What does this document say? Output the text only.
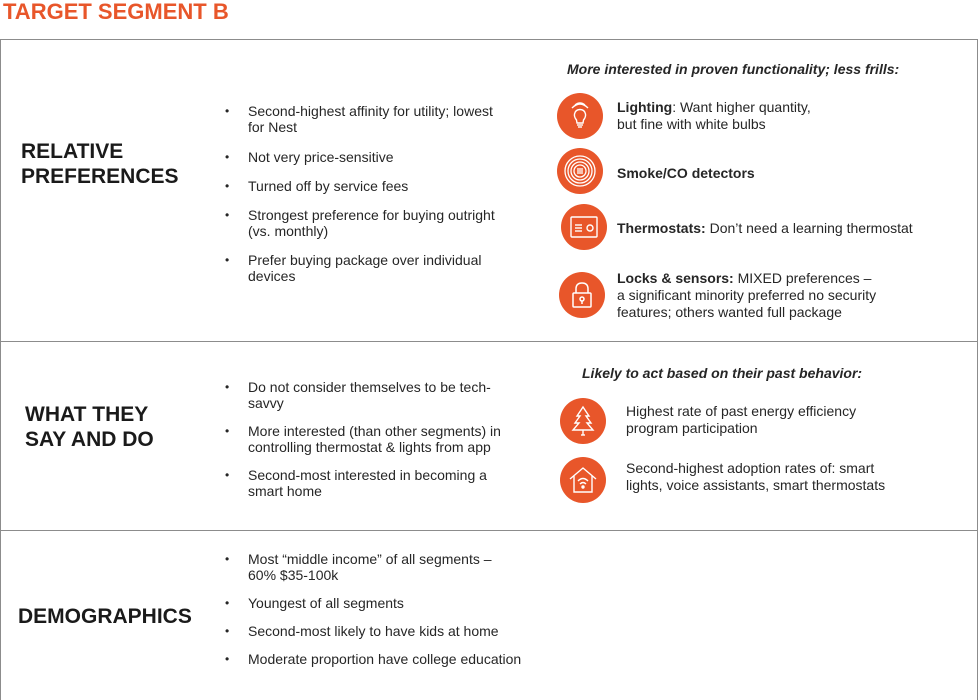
TARGET SEGMENT B
RELATIVE
PREFERENCES
• Second-highest affinity for utility; lowest
for Nest
• Not very price-sensitive
• Turned off by service fees
• Strongest preference for buying outright
(vs. monthly)
• Prefer buying package over individual
devices
More interested in proven functionality; less frills:
Lighting: Want higher quantity,
but fine with white bulbs
Smoke/CO detectors
Thermostats: Don’t need a learning thermostat
Locks & sensors: MIXED preferences –
a significant minority preferred no security
features; others wanted full package
WHAT THEY
SAY AND DO
• Do not consider themselves to be tech-
savvy
• More interested (than other segments) in
controlling thermostat & lights from app
• Second-most interested in becoming a
smart home
Likely to act based on their past behavior:
Highest rate of past energy efficiency
program participation
Second-highest adoption rates of: smart
lights, voice assistants, smart thermostats
DEMOGRAPHICS
• Most “middle income” of all segments –
60% $35-100k
• Youngest of all segments
• Second-most likely to have kids at home
• Moderate proportion have college education
